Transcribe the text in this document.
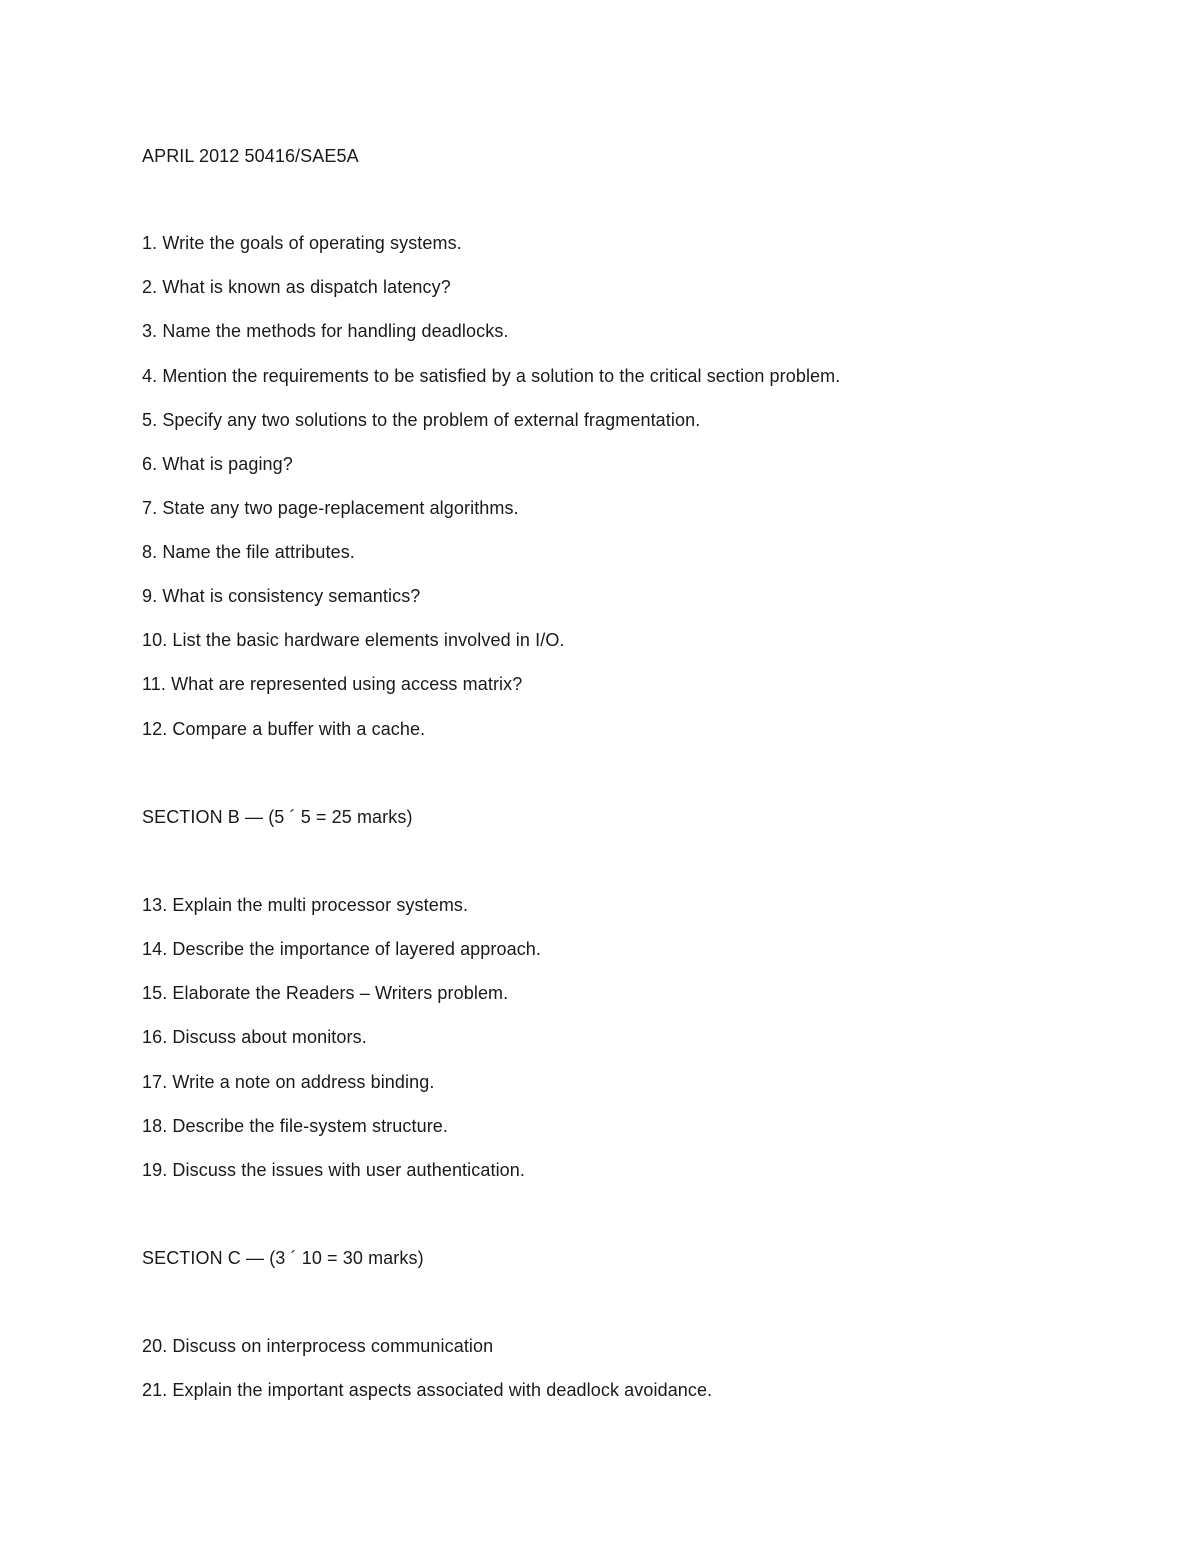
APRIL 2012 50416/SAE5A
1. Write the goals of operating systems.
2. What is known as dispatch latency?
3. Name the methods for handling deadlocks.
4. Mention the requirements to be satisfied by a solution to the critical section problem.
5. Specify any two solutions to the problem of external fragmentation.
6. What is paging?
7. State any two page-replacement algorithms.
8. Name the file attributes.
9. What is consistency semantics?
10. List the basic hardware elements involved in I/O.
11. What are represented using access matrix?
12. Compare a buffer with a cache.
SECTION B — (5 ´ 5 = 25 marks)
13. Explain the multi processor systems.
14. Describe the importance of layered approach.
15. Elaborate the Readers – Writers problem.
16. Discuss about monitors.
17. Write a note on address binding.
18. Describe the file-system structure.
19. Discuss the issues with user authentication.
SECTION C — (3 ´ 10 = 30 marks)
20. Discuss on interprocess communication
21. Explain the important aspects associated with deadlock avoidance.
